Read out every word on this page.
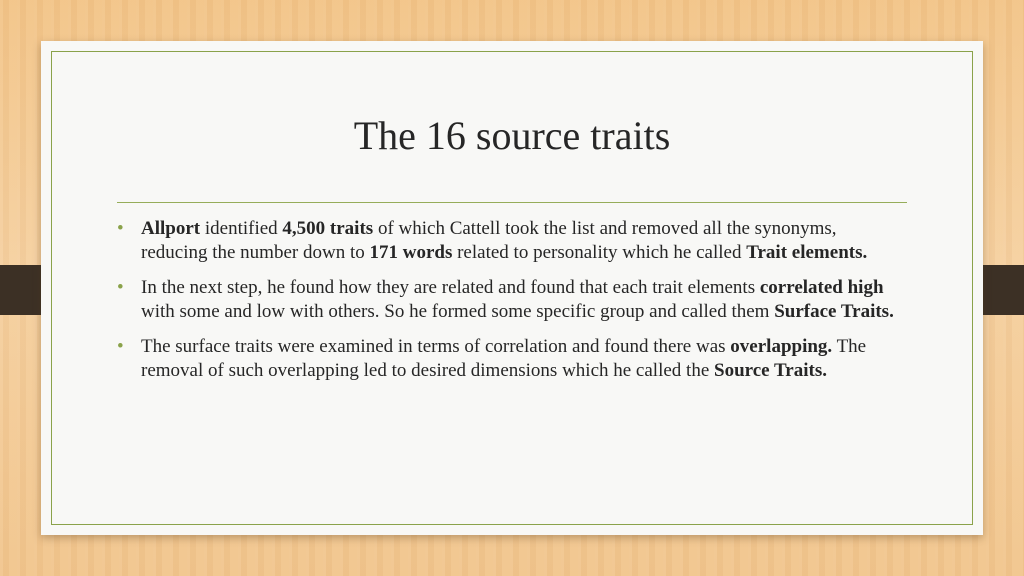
The 16 source traits
• Allport identified 4,500 traits of which Cattell took the list and removed all the synonyms, reducing the number down to 171 words related to personality which he called Trait elements.
• In the next step, he found how they are related and found that each trait elements correlated high with some and low with others. So he formed some specific group and called them Surface Traits.
• The surface traits were examined in terms of correlation and found there was overlapping. The removal of such overlapping led to desired dimensions which he called the Source Traits.
